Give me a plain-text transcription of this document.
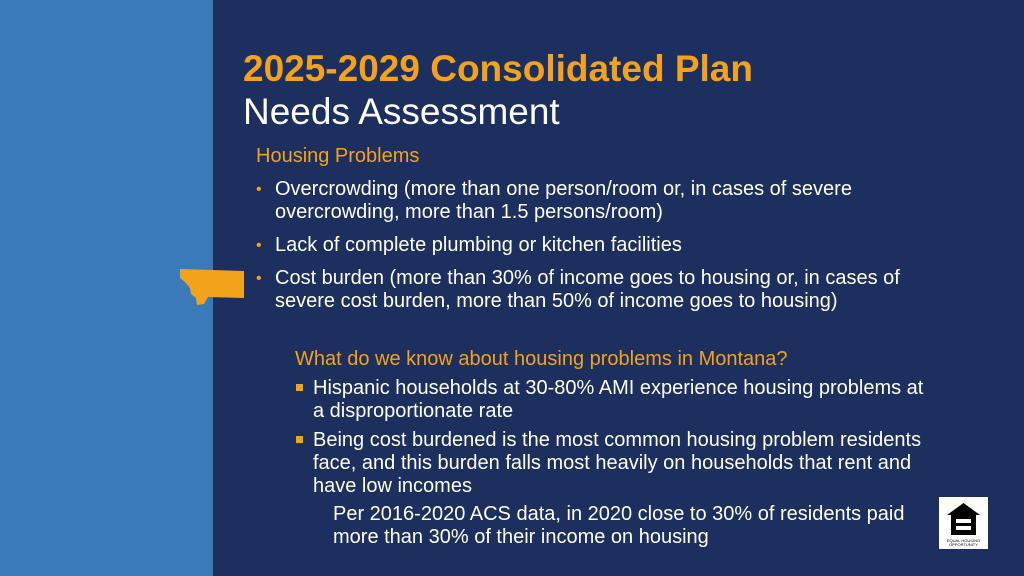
2025-2029 Consolidated Plan
Needs Assessment
Housing Problems
• Overcrowding (more than one person/room or, in cases of severe overcrowding, more than 1.5 persons/room)
• Lack of complete plumbing or kitchen facilities
• Cost burden (more than 30% of income goes to housing or, in cases of severe cost burden, more than 50% of income goes to housing)
What do we know about housing problems in Montana?
Hispanic households at 30-80% AMI experience housing problems at a disproportionate rate
Being cost burdened is the most common housing problem residents face, and this burden falls most heavily on households that rent and have low incomes
Per 2016-2020 ACS data, in 2020 close to 30% of residents paid more than 30% of their income on housing	EQUAL HOUSING OPPORTUNITY
